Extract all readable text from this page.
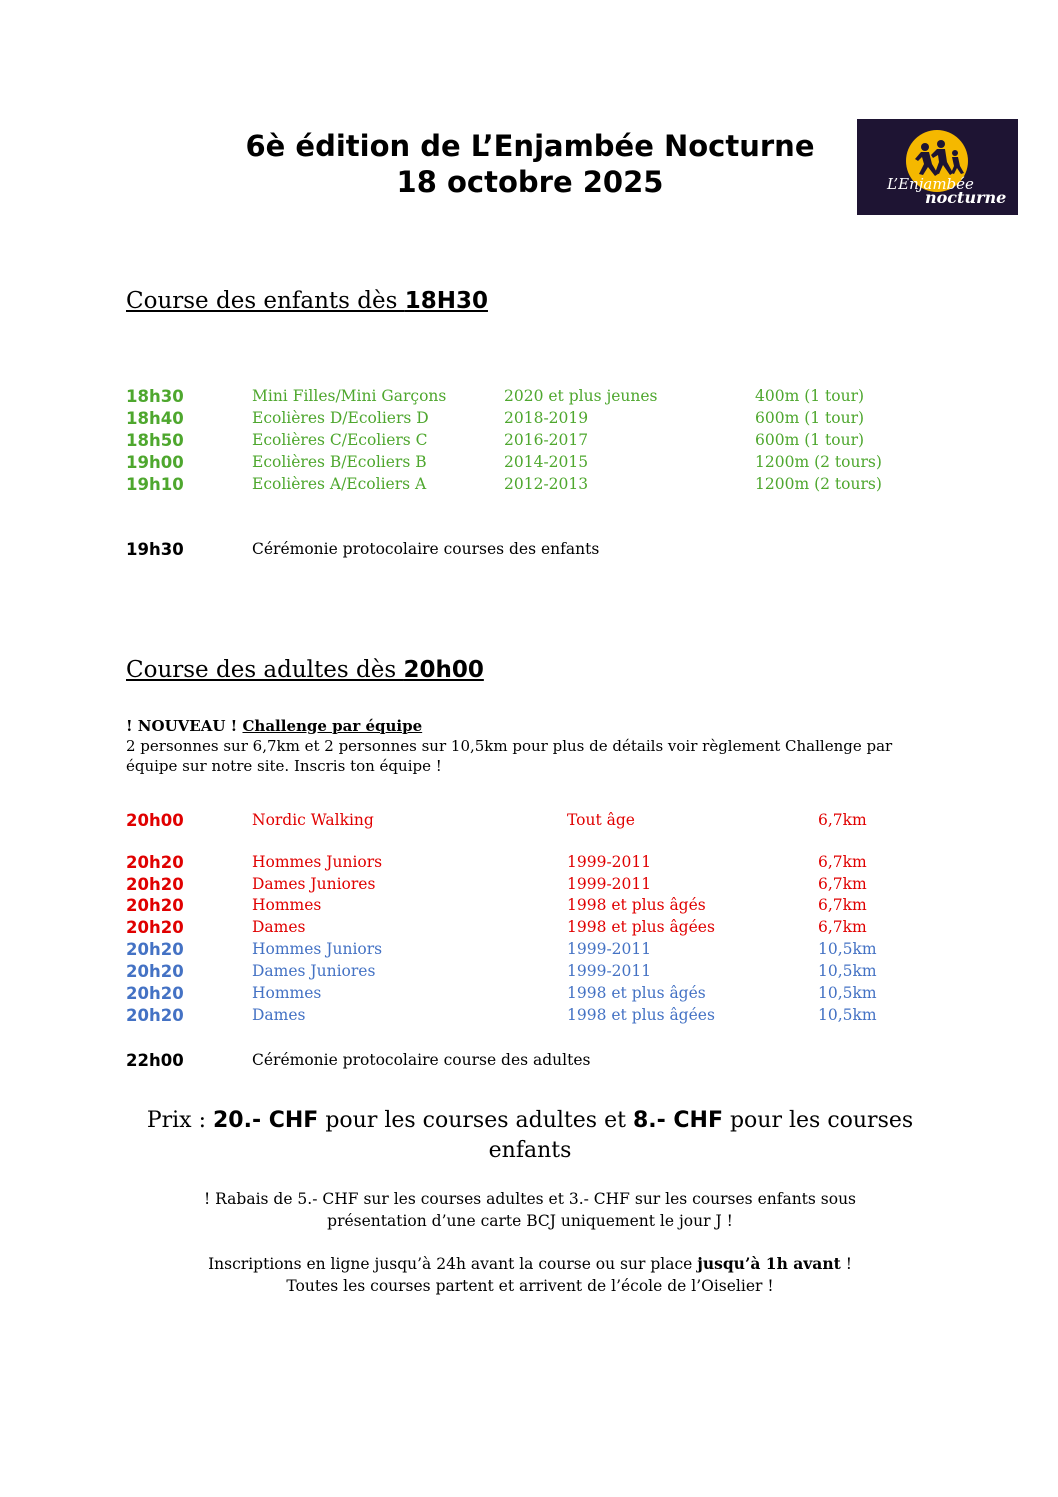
6è édition de L’Enjambée Nocturne
18 octobre 2025	L’Enjambée
nocturne
Course des enfants dès 18H30
18h30	Mini Filles/Mini Garçons	2020 et plus jeunes	400m (1 tour)
18h40	Ecolières D/Ecoliers D	2018-2019	600m (1 tour)
18h50	Ecolières C/Ecoliers C	2016-2017	600m (1 tour)
19h00	Ecolières B/Ecoliers B	2014-2015	1200m (2 tours)
19h10	Ecolières A/Ecoliers A	2012-2013	1200m (2 tours)
19h30	Cérémonie protocolaire courses des enfants
Course des adultes dès 20h00
! NOUVEAU ! Challenge par équipe
2 personnes sur 6,7km et 2 personnes sur 10,5km pour plus de détails voir règlement Challenge par équipe sur notre site. Inscris ton équipe !
20h00	Nordic Walking	Tout âge	6,7km
20h20	Hommes Juniors	1999-2011	6,7km
20h20	Dames Juniores	1999-2011	6,7km
20h20	Hommes	1998 et plus âgés	6,7km
20h20	Dames	1998 et plus âgées	6,7km
20h20	Hommes Juniors	1999-2011	10,5km
20h20	Dames Juniores	1999-2011	10,5km
20h20	Hommes	1998 et plus âgés	10,5km
20h20	Dames	1998 et plus âgées	10,5km
22h00	Cérémonie protocolaire course des adultes
Prix : 20.- CHF pour les courses adultes et 8.- CHF pour les courses enfants
! Rabais de 5.- CHF sur les courses adultes et 3.- CHF sur les courses enfants sous
présentation d’une carte BCJ uniquement le jour J !
Inscriptions en ligne jusqu’à 24h avant la course ou sur place jusqu’à 1h avant !
Toutes les courses partent et arrivent de l’école de l’Oiselier !
